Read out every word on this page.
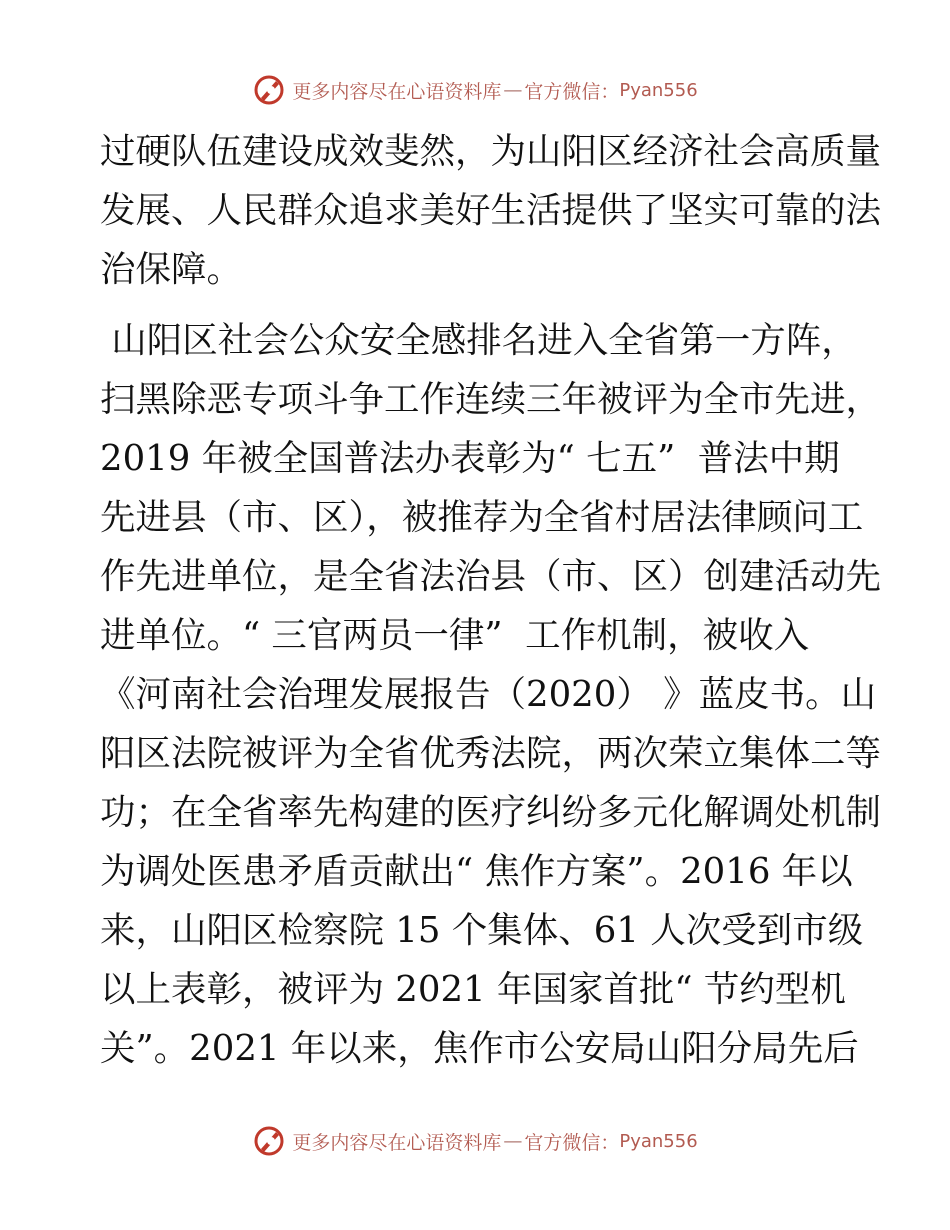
更多内容尽在心语资料库 — 官方微信： Pyan556
过硬队伍建设成效斐然，为山阳区经济社会高质量
发展、人民群众追求美好生活提供了坚实可靠的法
治保障。
山阳区社会公众安全感排名进入全省第一方阵，
扫黑除恶专项斗争工作连续三年被评为全市先进，
2019 年被全国普法办表彰为“ 七五”  普法中期
先进县（市、区），被推荐为全省村居法律顾问工
作先进单位，是全省法治县（市、区）创建活动先
进单位。“ 三官两员一律”  工作机制，被收入
《河南社会治理发展报告（2020） 》蓝皮书。山
阳区法院被评为全省优秀法院，两次荣立集体二等
功；在全省率先构建的医疗纠纷多元化解调处机制
为调处医患矛盾贡献出“ 焦作方案”。2016 年以
来，山阳区检察院 15 个集体、61 人次受到市级
以上表彰，被评为 2021 年国家首批“ 节约型机
关”。2021 年以来，焦作市公安局山阳分局先后
更多内容尽在心语资料库 — 官方微信： Pyan556
